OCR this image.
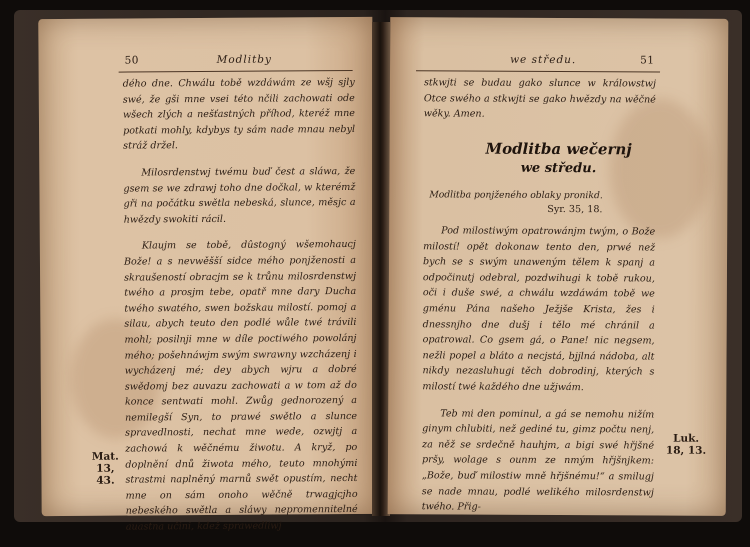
50	Modlitby

dého dne. Chwálu tobě wzdáwám ze wšj sjly swé, že gši mne vsei této nčili zachowati ode wšech zlých a nešťastných příhod, kteréž mne potkati mohly, kdybys ty sám nade mnau nebyl stráž držel.

Milosrdenstwj twému buď čest a sláwa, že gsem se we zdrawj toho dne dočkal, w kterémž gři na počátku swětla nebeská, slunce, měsjc a hwězdy swokiti rácil.

Klaujm se tobě, dûstogný wšemohaucj Bože! a s nevwěšší sidce mého ponjženosti a skraušeností obracjm se k trůnu milosrdenstwj twého a prosjm tebe, opatř mne dary Ducha twého swatého, swen božskau milostí. pomoj a silau, abych teuto den podlé wůle twé trávili mohl; posilnji mne w díle poctiwého powolánj mého; pošehnáwjm swým swrawny wzcházenj i wycházenj mé; dey abych wjru a dobré swědomj bez auvazu zachowati a w tom až do konce sentwati mohl. Zwůg gednorozený a nemilegší Syn, to prawé swětlo a slunce spravedlnosti, nechat mne wede, ozwjtj a zachowá k wěčnému žiwotu. A kryž, po doplnění dnů žiwota mého, teuto mnohými strastmi naplněný marnů swět opustím, necht mne on sám onoho wěčně trwagjcjho nebeského swětla a sláwy nepromennitelné auastna učini, kdež sprawedliwj

Mat.
13, 43.
we středu.	51

stkwjti se budau gako slunce w králowstwj Otce swého a stkwjti se gako hwězdy na wěčné wěky. Amen.

Modlitba wečernj
we středu.
Modlitba ponjženého oblaky pronikd.
Syr. 35, 18.

Pod milostiwým opatrowánjm twým, o Bože milostí! opět dokonaw tento den, prwé než bych se s swým unaweným tělem k spanj a odpočinutj odebral, pozdwihugi k tobě rukou, oči i duše swé, a chwálu wzdáwám tobě we gménu Pána našeho Ježjše Krista, žes i dnessnjho dne dušj i tělo mé chránil a opatrowal. Co gsem gá, o Pane! nic negsem, nežli popel a bláto a necjstá, bjjlná nádoba, alt nikdy nezasluhugi těch dobrodinj, kterých s milostí twé každého dne užjwám.

Teb mi den pominul, a gá se nemohu nižím ginym chlubiti, než gediné tu, gimz počtu nenj, za něž se srdečně hauhjm, a bigi swé hřjšné pršy, wolage s ounm ze nmým hřjšnjkem: „Bože, buď milostiw mně hřjšnému!“ a smilugj se nade mnau, podlé welikého milosrdenstwj twého. Přig-

Luk.
18, 13.
